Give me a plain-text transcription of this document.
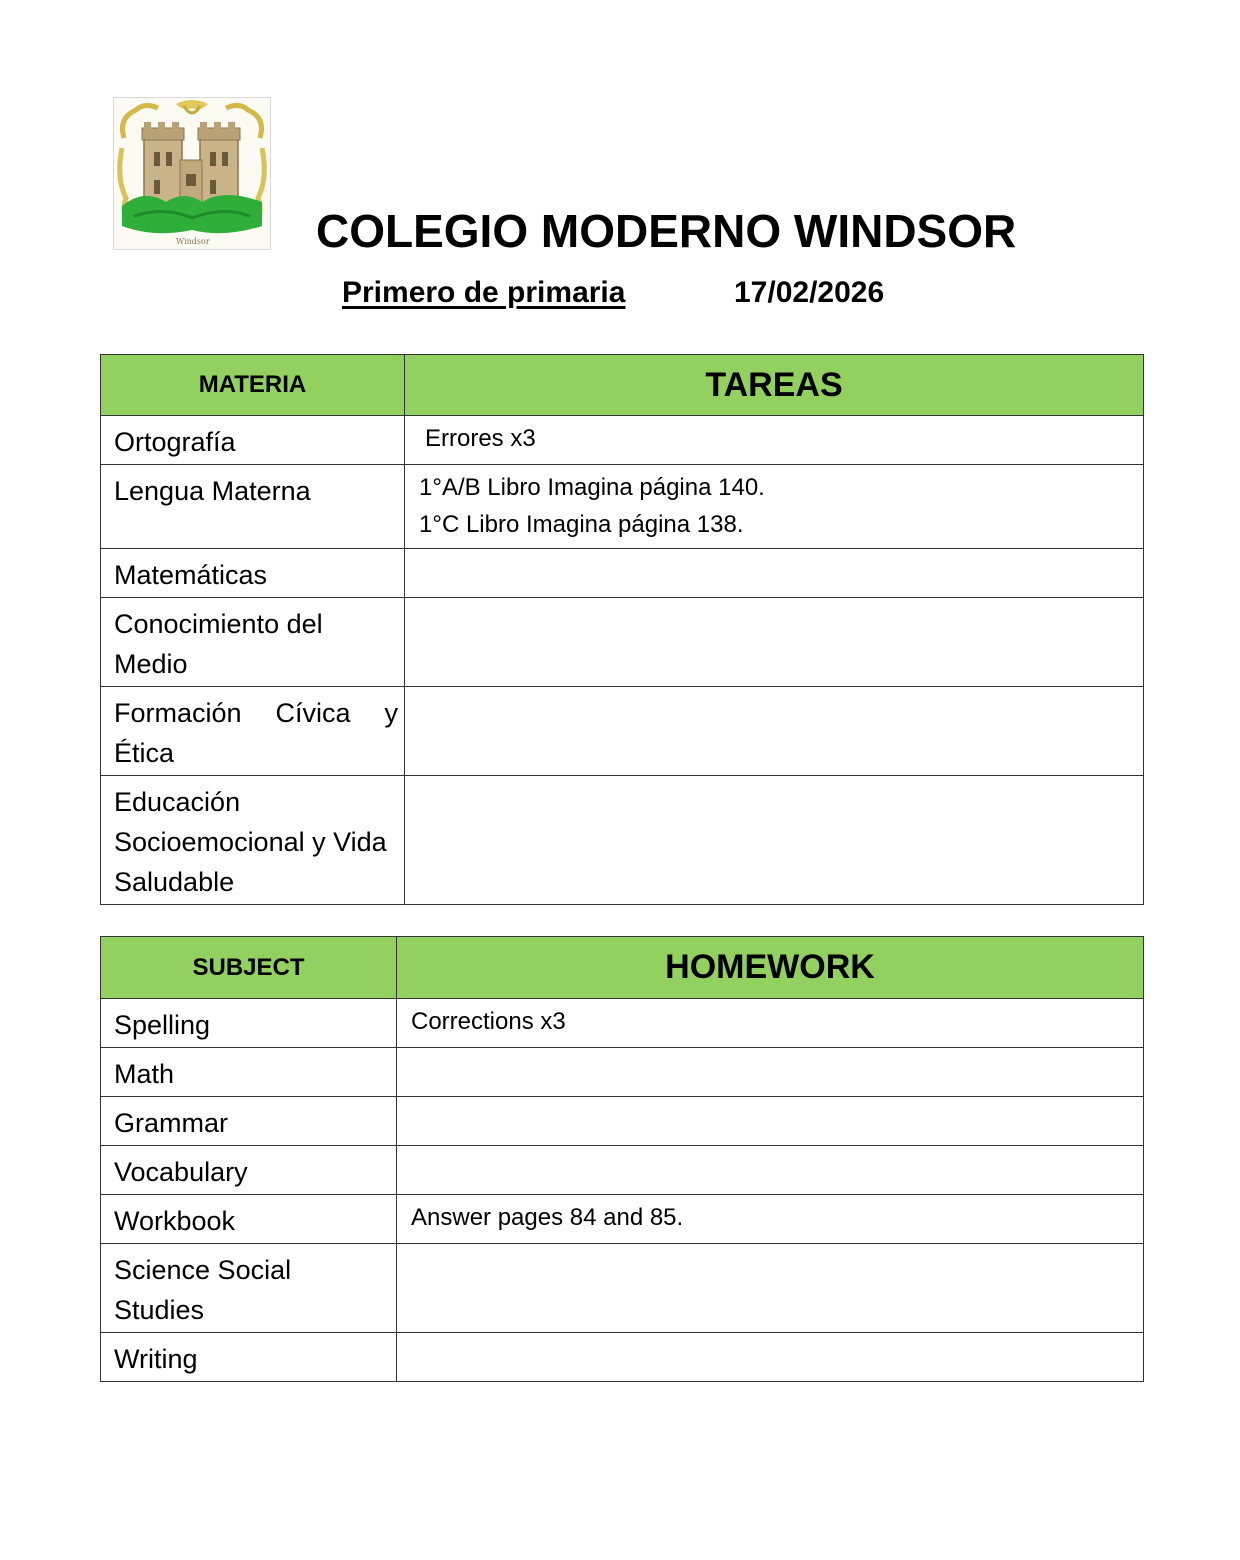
Windsor COLEGIO MODERNO WINDSOR
Primero de primaria	17/02/2026
MATERIA	TAREAS
Ortografía	Errores x3

Lengua Materna	1°A/B Libro Imagina página 140.
1°C Libro Imagina página 138.

Matemáticas	
Conocimiento del Medio	

Formación Cívica y Ética	

Educación Socioemocional y Vida Saludable	
SUBJECT	HOMEWORK
Spelling	Corrections x3
Math	
Grammar	
Vocabulary	
Workbook	Answer pages 84 and 85.

Science Social Studies	

Writing	
